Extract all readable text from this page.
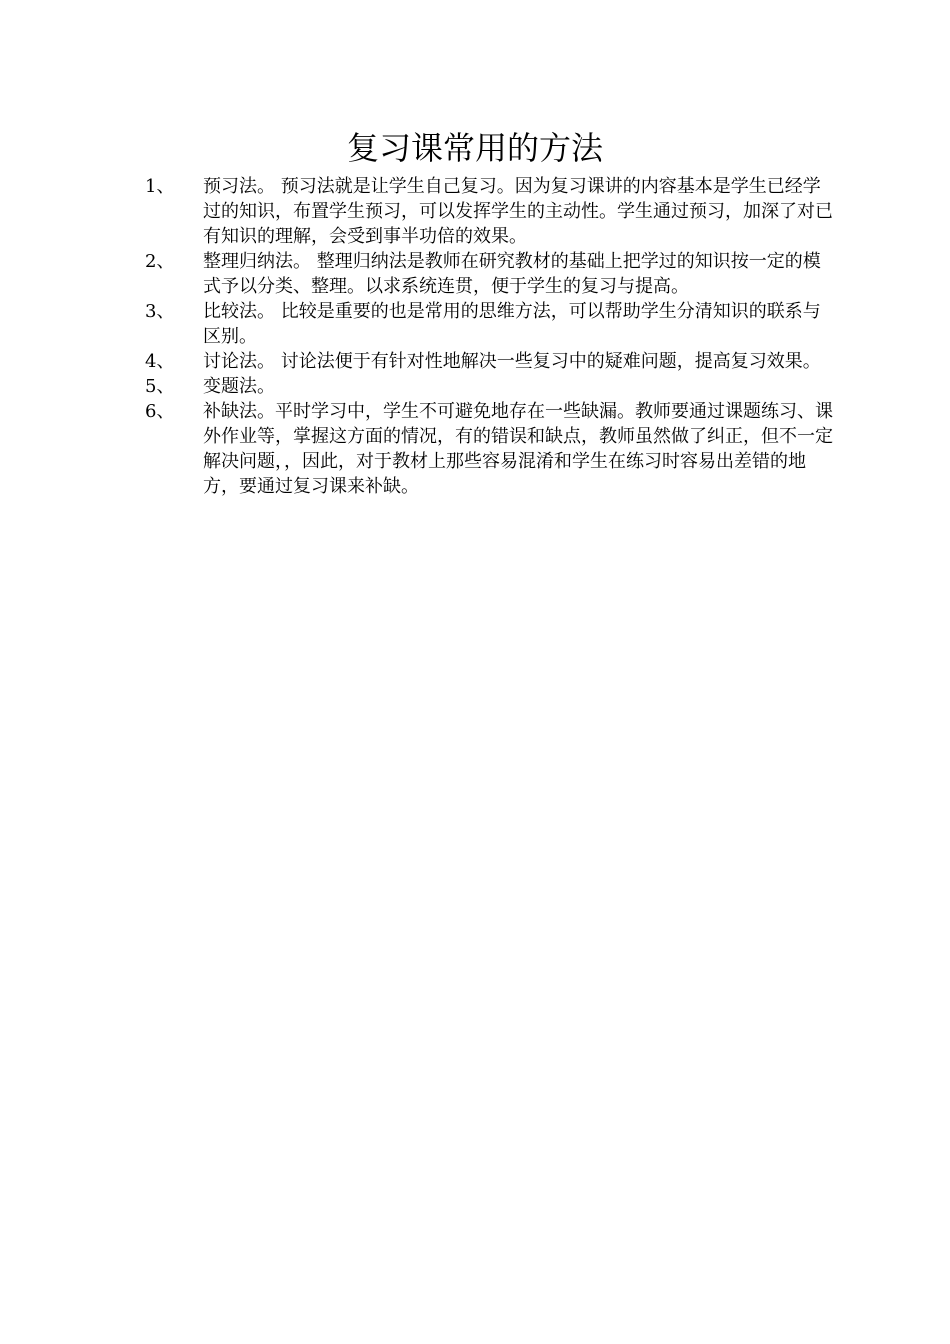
复习课常用的方法
1、	预习法。 预习法就是让学生自己复习。因为复习课讲的内容基本是学生已经学过的知识，布置学生预习，可以发挥学生的主动性。学生通过预习，加深了对已有知识的理解，会受到事半功倍的效果。
2、	整理归纳法。 整理归纳法是教师在研究教材的基础上把学过的知识按一定的模式予以分类、整理。以求系统连贯，便于学生的复习与提高。
3、	比较法。 比较是重要的也是常用的思维方法，可以帮助学生分清知识的联系与区别。
4、	讨论法。 讨论法便于有针对性地解决一些复习中的疑难问题，提高复习效果。
5、	变题法。
6、	补缺法。平时学习中，学生不可避免地存在一些缺漏。教师要通过课题练习、课外作业等，掌握这方面的情况，有的错误和缺点，教师虽然做了纠正，但不一定解决问题，，因此，对于教材上那些容易混淆和学生在练习时容易出差错的地方，要通过复习课来补缺。
